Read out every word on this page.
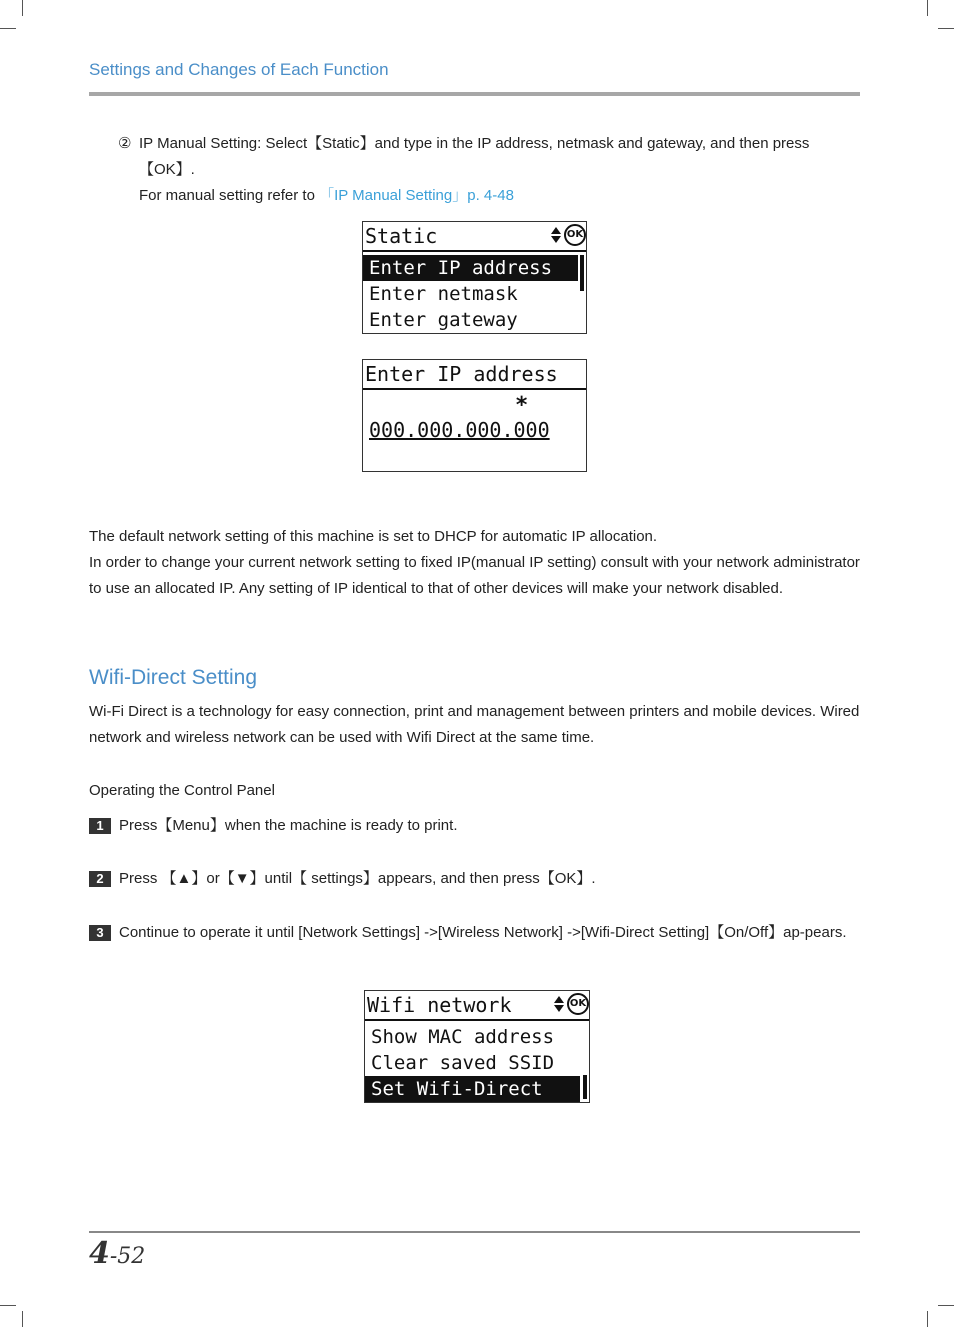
Settings and Changes of Each Function
② IP Manual Setting: Select【Static】and type in the IP address, netmask and gateway, and then press【OK】.
For manual setting refer to 「IP Manual Setting」p. 4-48
Static	OK
Enter IP address
Enter netmask
Enter gateway
Enter IP address
*
000.000.000.000
The default network setting of this machine is set to DHCP for automatic IP allocation.
In order to change your current network setting to fixed IP(manual IP setting) consult with your network administrator to use an allocated IP. Any setting of IP identical to that of other devices will make your network disabled.
Wifi-Direct Setting
Wi-Fi Direct is a technology for easy connection, print and management between printers and mobile devices. Wired network and wireless network can be used with Wifi Direct at the same time.
Operating the Control Panel
1	Press【Menu】when the machine is ready to print.
2	Press 【▲】or【▼】until【 settings】appears, and then press【OK】.
3	Continue to operate it until [Network Settings] ->[Wireless Network] ->[Wifi-Direct Setting]【On/Off】ap-pears.
Wifi network	OK
Show MAC address
Clear saved SSID
Set Wifi-Direct
4-52
